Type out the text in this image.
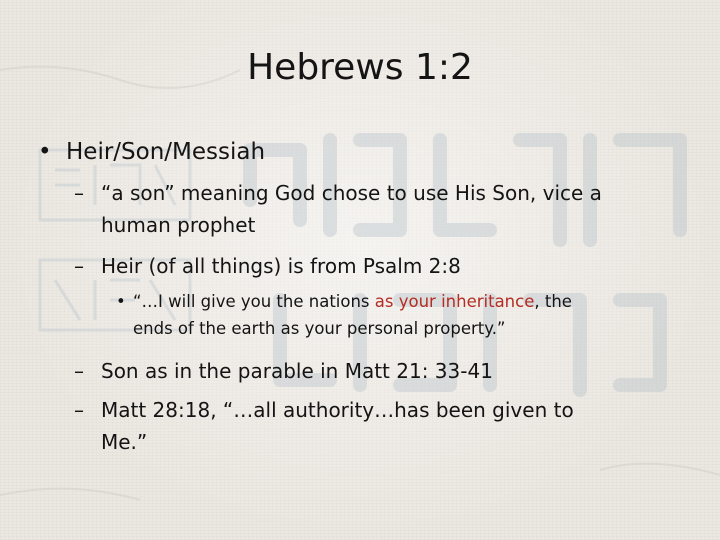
Hebrews 1:2
• Heir/Son/Messiah
– “a son” meaning God chose to use His Son, vice a
human prophet
– Heir (of all things) is from Psalm 2:8
• “…I will give you the nations as your inheritance, the
ends of the earth as your personal property.”
– Son as in the parable in Matt 21: 33-41
– Matt 28:18, “…all authority…has been given to
Me.”
